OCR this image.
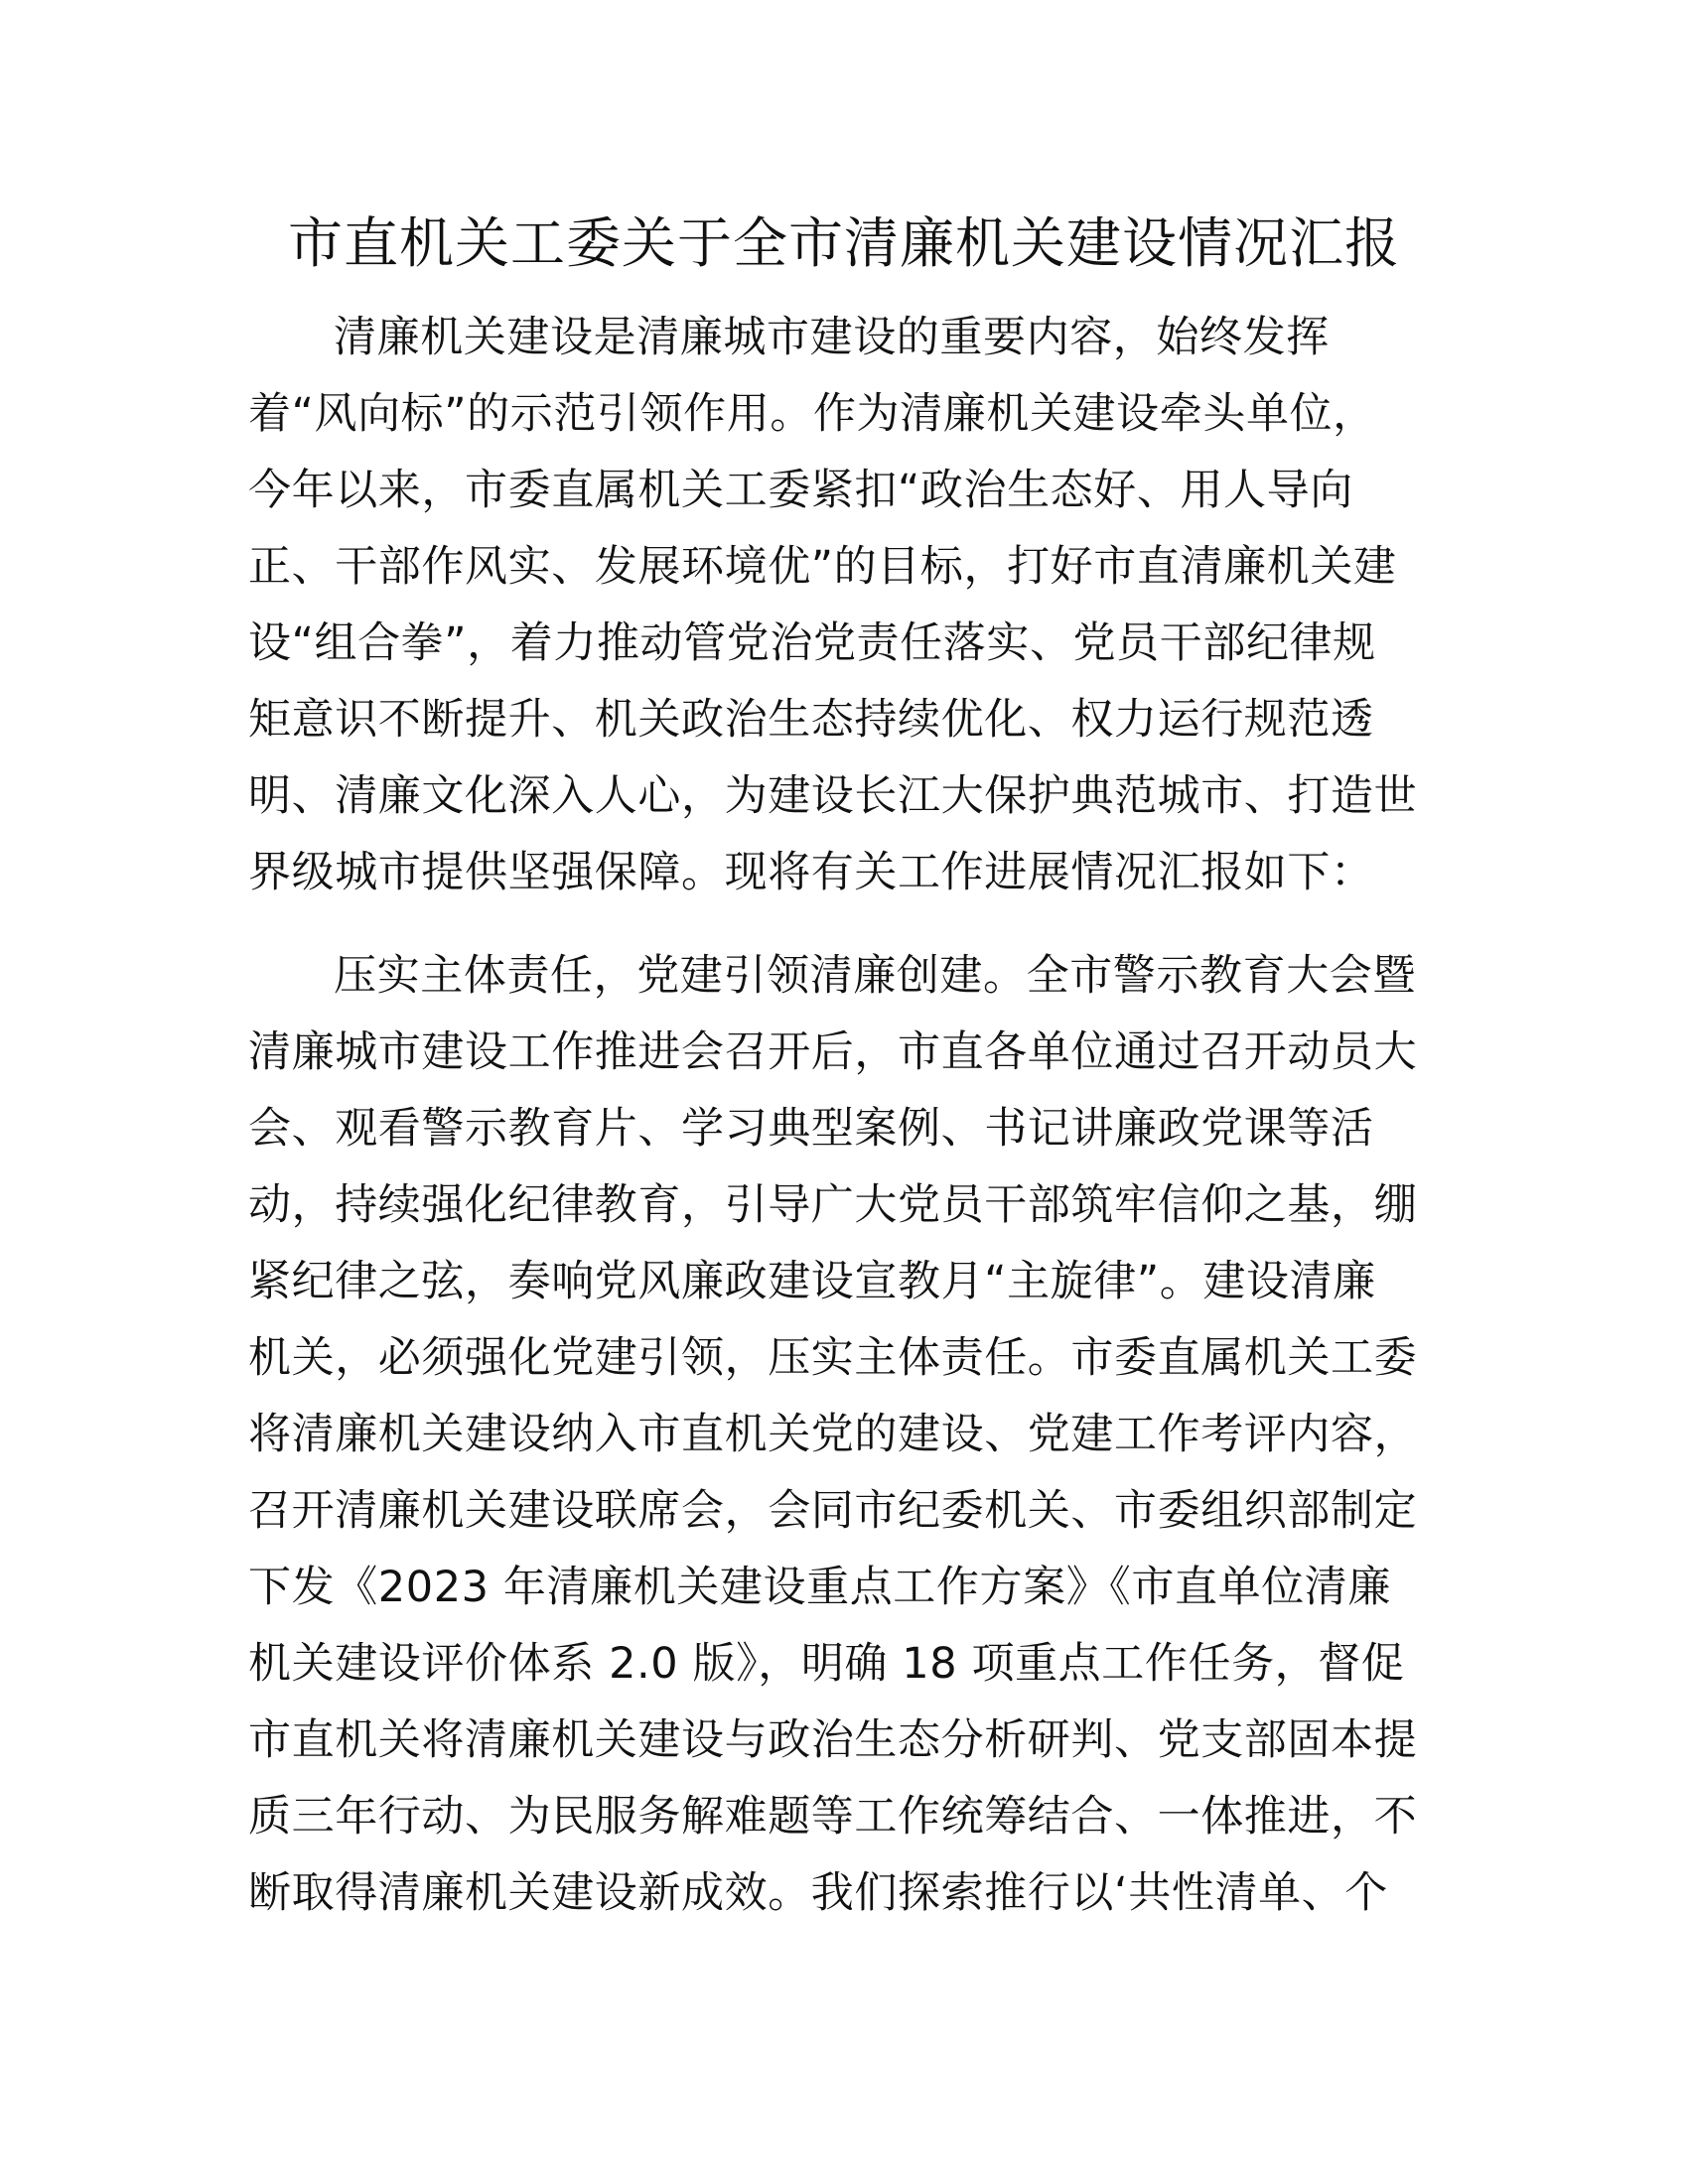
市直机关工委关于全市清廉机关建设情况汇报
清廉机关建设是清廉城市建设的重要内容，始终发挥
着“风向标”的示范引领作用。作为清廉机关建设牵头单位，
今年以来，市委直属机关工委紧扣“政治生态好、用人导向
正、干部作风实、发展环境优”的目标，打好市直清廉机关建
设“组合拳”，着力推动管党治党责任落实、党员干部纪律规
矩意识不断提升、机关政治生态持续优化、权力运行规范透
明、清廉文化深入人心，为建设长江大保护典范城市、打造世
界级城市提供坚强保障。现将有关工作进展情况汇报如下：
压实主体责任，党建引领清廉创建。全市警示教育大会暨
清廉城市建设工作推进会召开后，市直各单位通过召开动员大
会、观看警示教育片、学习典型案例、书记讲廉政党课等活
动，持续强化纪律教育，引导广大党员干部筑牢信仰之基，绷
紧纪律之弦，奏响党风廉政建设宣教月“主旋律”。建设清廉
机关，必须强化党建引领，压实主体责任。市委直属机关工委
将清廉机关建设纳入市直机关党的建设、党建工作考评内容，
召开清廉机关建设联席会，会同市纪委机关、市委组织部制定
下发《2023 年清廉机关建设重点工作方案》《市直单位清廉
机关建设评价体系 2.0 版》，明确 18 项重点工作任务，督促
市直机关将清廉机关建设与政治生态分析研判、党支部固本提
质三年行动、为民服务解难题等工作统筹结合、一体推进，不
断取得清廉机关建设新成效。我们探索推行以‘共性清单、个
